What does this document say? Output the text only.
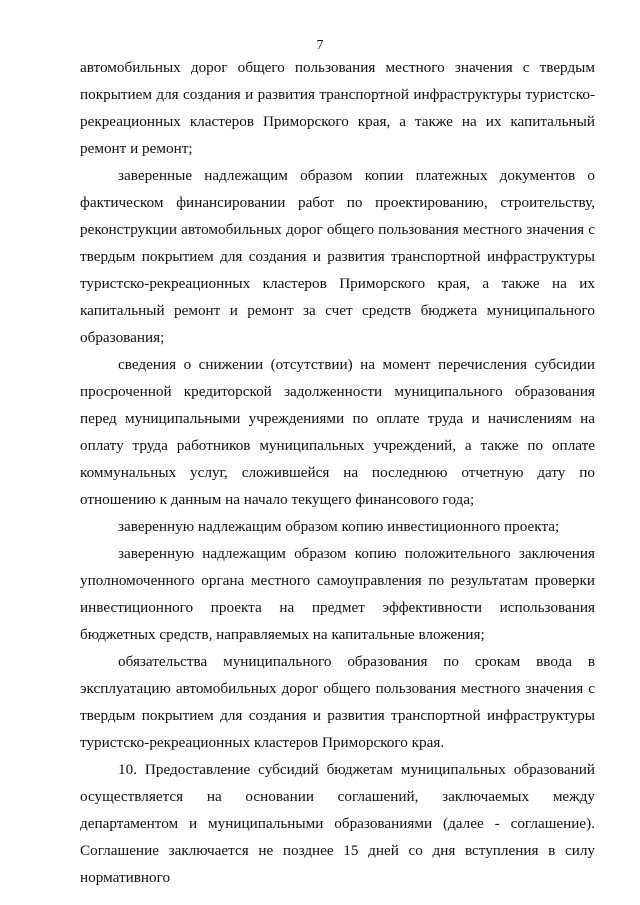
7

автомобильных дорог общего пользования местного значения с твердым покрытием для создания и развития транспортной инфраструктуры туристско-рекреационных кластеров Приморского края, а также на их капитальный ремонт и ремонт;

заверенные надлежащим образом копии платежных документов о фактическом финансировании работ по проектированию, строительству, реконструкции автомобильных дорог общего пользования местного значения с твердым покрытием для создания и развития транспортной инфраструктуры туристско-рекреационных кластеров Приморского края, а также на их капитальный ремонт и ремонт за счет средств бюджета муниципального образования;

сведения о снижении (отсутствии) на момент перечисления субсидии просроченной кредиторской задолженности муниципального образования перед муниципальными учреждениями по оплате труда и начислениям на оплату труда работников муниципальных учреждений, а также по оплате коммунальных услуг, сложившейся на последнюю отчетную дату по отношению к данным на начало текущего финансового года;

заверенную надлежащим образом копию инвестиционного проекта;

заверенную надлежащим образом копию положительного заключения уполномоченного органа местного самоуправления по результатам проверки инвестиционного проекта на предмет эффективности использования бюджетных средств, направляемых на капитальные вложения;

обязательства муниципального образования по срокам ввода в эксплуатацию автомобильных дорог общего пользования местного значения с твердым покрытием для создания и развития транспортной инфраструктуры туристско-рекреационных кластеров Приморского края.

10. Предоставление субсидий бюджетам муниципальных образований осуществляется на основании соглашений, заключаемых между департаментом и муниципальными образованиями (далее - соглашение). Соглашение заключается не позднее 15 дней со дня вступления в силу нормативного
